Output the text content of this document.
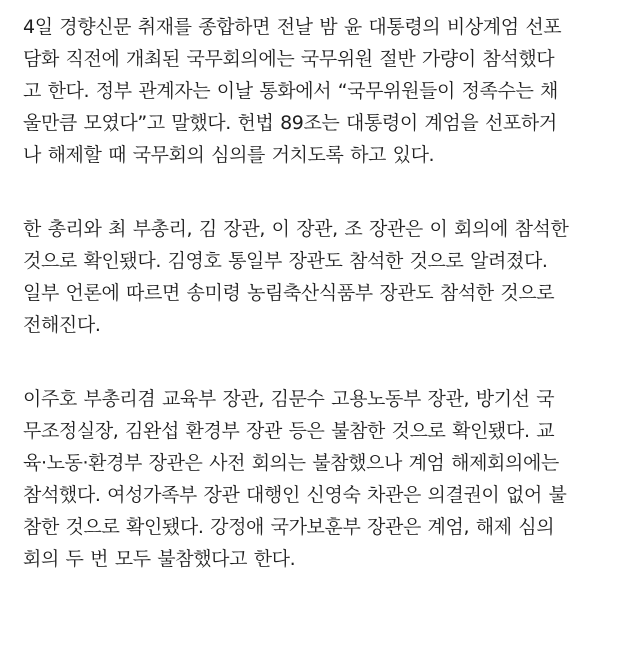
4일 경향신문 취재를 종합하면 전날 밤 윤 대통령의 비상계엄 선포
담화 직전에 개최된 국무회의에는 국무위원 절반 가량이 참석했다
고 한다. 정부 관계자는 이날 통화에서 “국무위원들이 정족수는 채
울만큼 모였다”고 말했다. 헌법 89조는 대통령이 계엄을 선포하거
나 해제할 때 국무회의 심의를 거치도록 하고 있다.
한 총리와 최 부총리, 김 장관, 이 장관, 조 장관은 이 회의에 참석한
것으로 확인됐다. 김영호 통일부 장관도 참석한 것으로 알려졌다.
일부 언론에 따르면 송미령 농림축산식품부 장관도 참석한 것으로
전해진다.
이주호 부총리겸 교육부 장관, 김문수 고용노동부 장관, 방기선 국
무조정실장, 김완섭 환경부 장관 등은 불참한 것으로 확인됐다. 교
육·노동·환경부 장관은 사전 회의는 불참했으나 계엄 해제회의에는
참석했다. 여성가족부 장관 대행인 신영숙 차관은 의결권이 없어 불
참한 것으로 확인됐다. 강정애 국가보훈부 장관은 계엄, 해제 심의
회의 두 번 모두 불참했다고 한다.
